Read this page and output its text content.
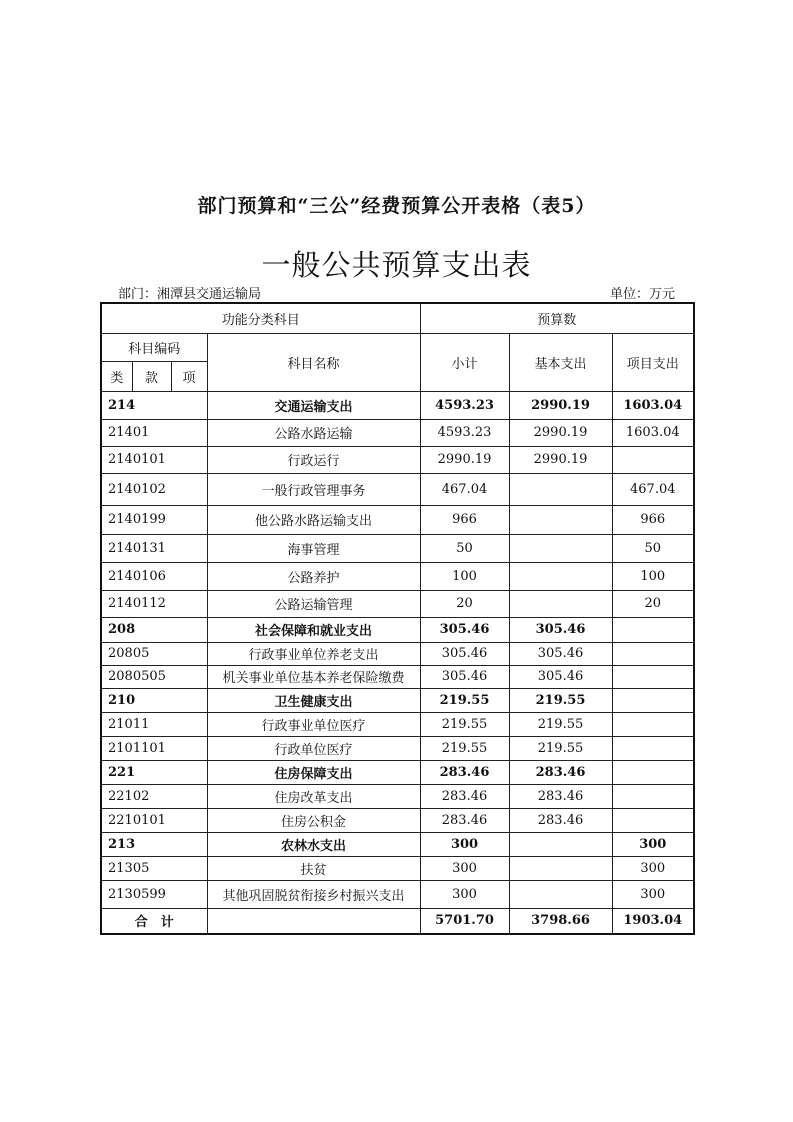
部门预算和“三公”经费预算公开表格（表5）
一般公共预算支出表
部门：湘潭县交通运输局	单位：万元
功能分类科目				预算数		
科目编码			科目名称	小计	基本支出	项目支出
类	款	项				
214			交通运输支出	4593.23	2990.19	1603.04
21401			公路水路运输	4593.23	2990.19	1603.04
2140101			行政运行	2990.19	2990.19	
2140102			一般行政管理事务	467.04		467.04
2140199			他公路水路运输支出	966		966
2140131			海事管理	50		50
2140106			公路养护	100		100
2140112			公路运输管理	20		20
208			社会保障和就业支出	305.46	305.46	
20805			行政事业单位养老支出	305.46	305.46	
2080505			机关事业单位基本养老保险缴费	305.46	305.46	
210			卫生健康支出	219.55	219.55	
21011			行政事业单位医疗	219.55	219.55	
2101101			行政单位医疗	219.55	219.55	
221			住房保障支出	283.46	283.46	
22102			住房改革支出	283.46	283.46	
2210101			住房公积金	283.46	283.46	
213			农林水支出	300		300
21305			扶贫	300		300
2130599			其他巩固脱贫衔接乡村振兴支出	300		300
合　计				5701.70	3798.66	1903.04
